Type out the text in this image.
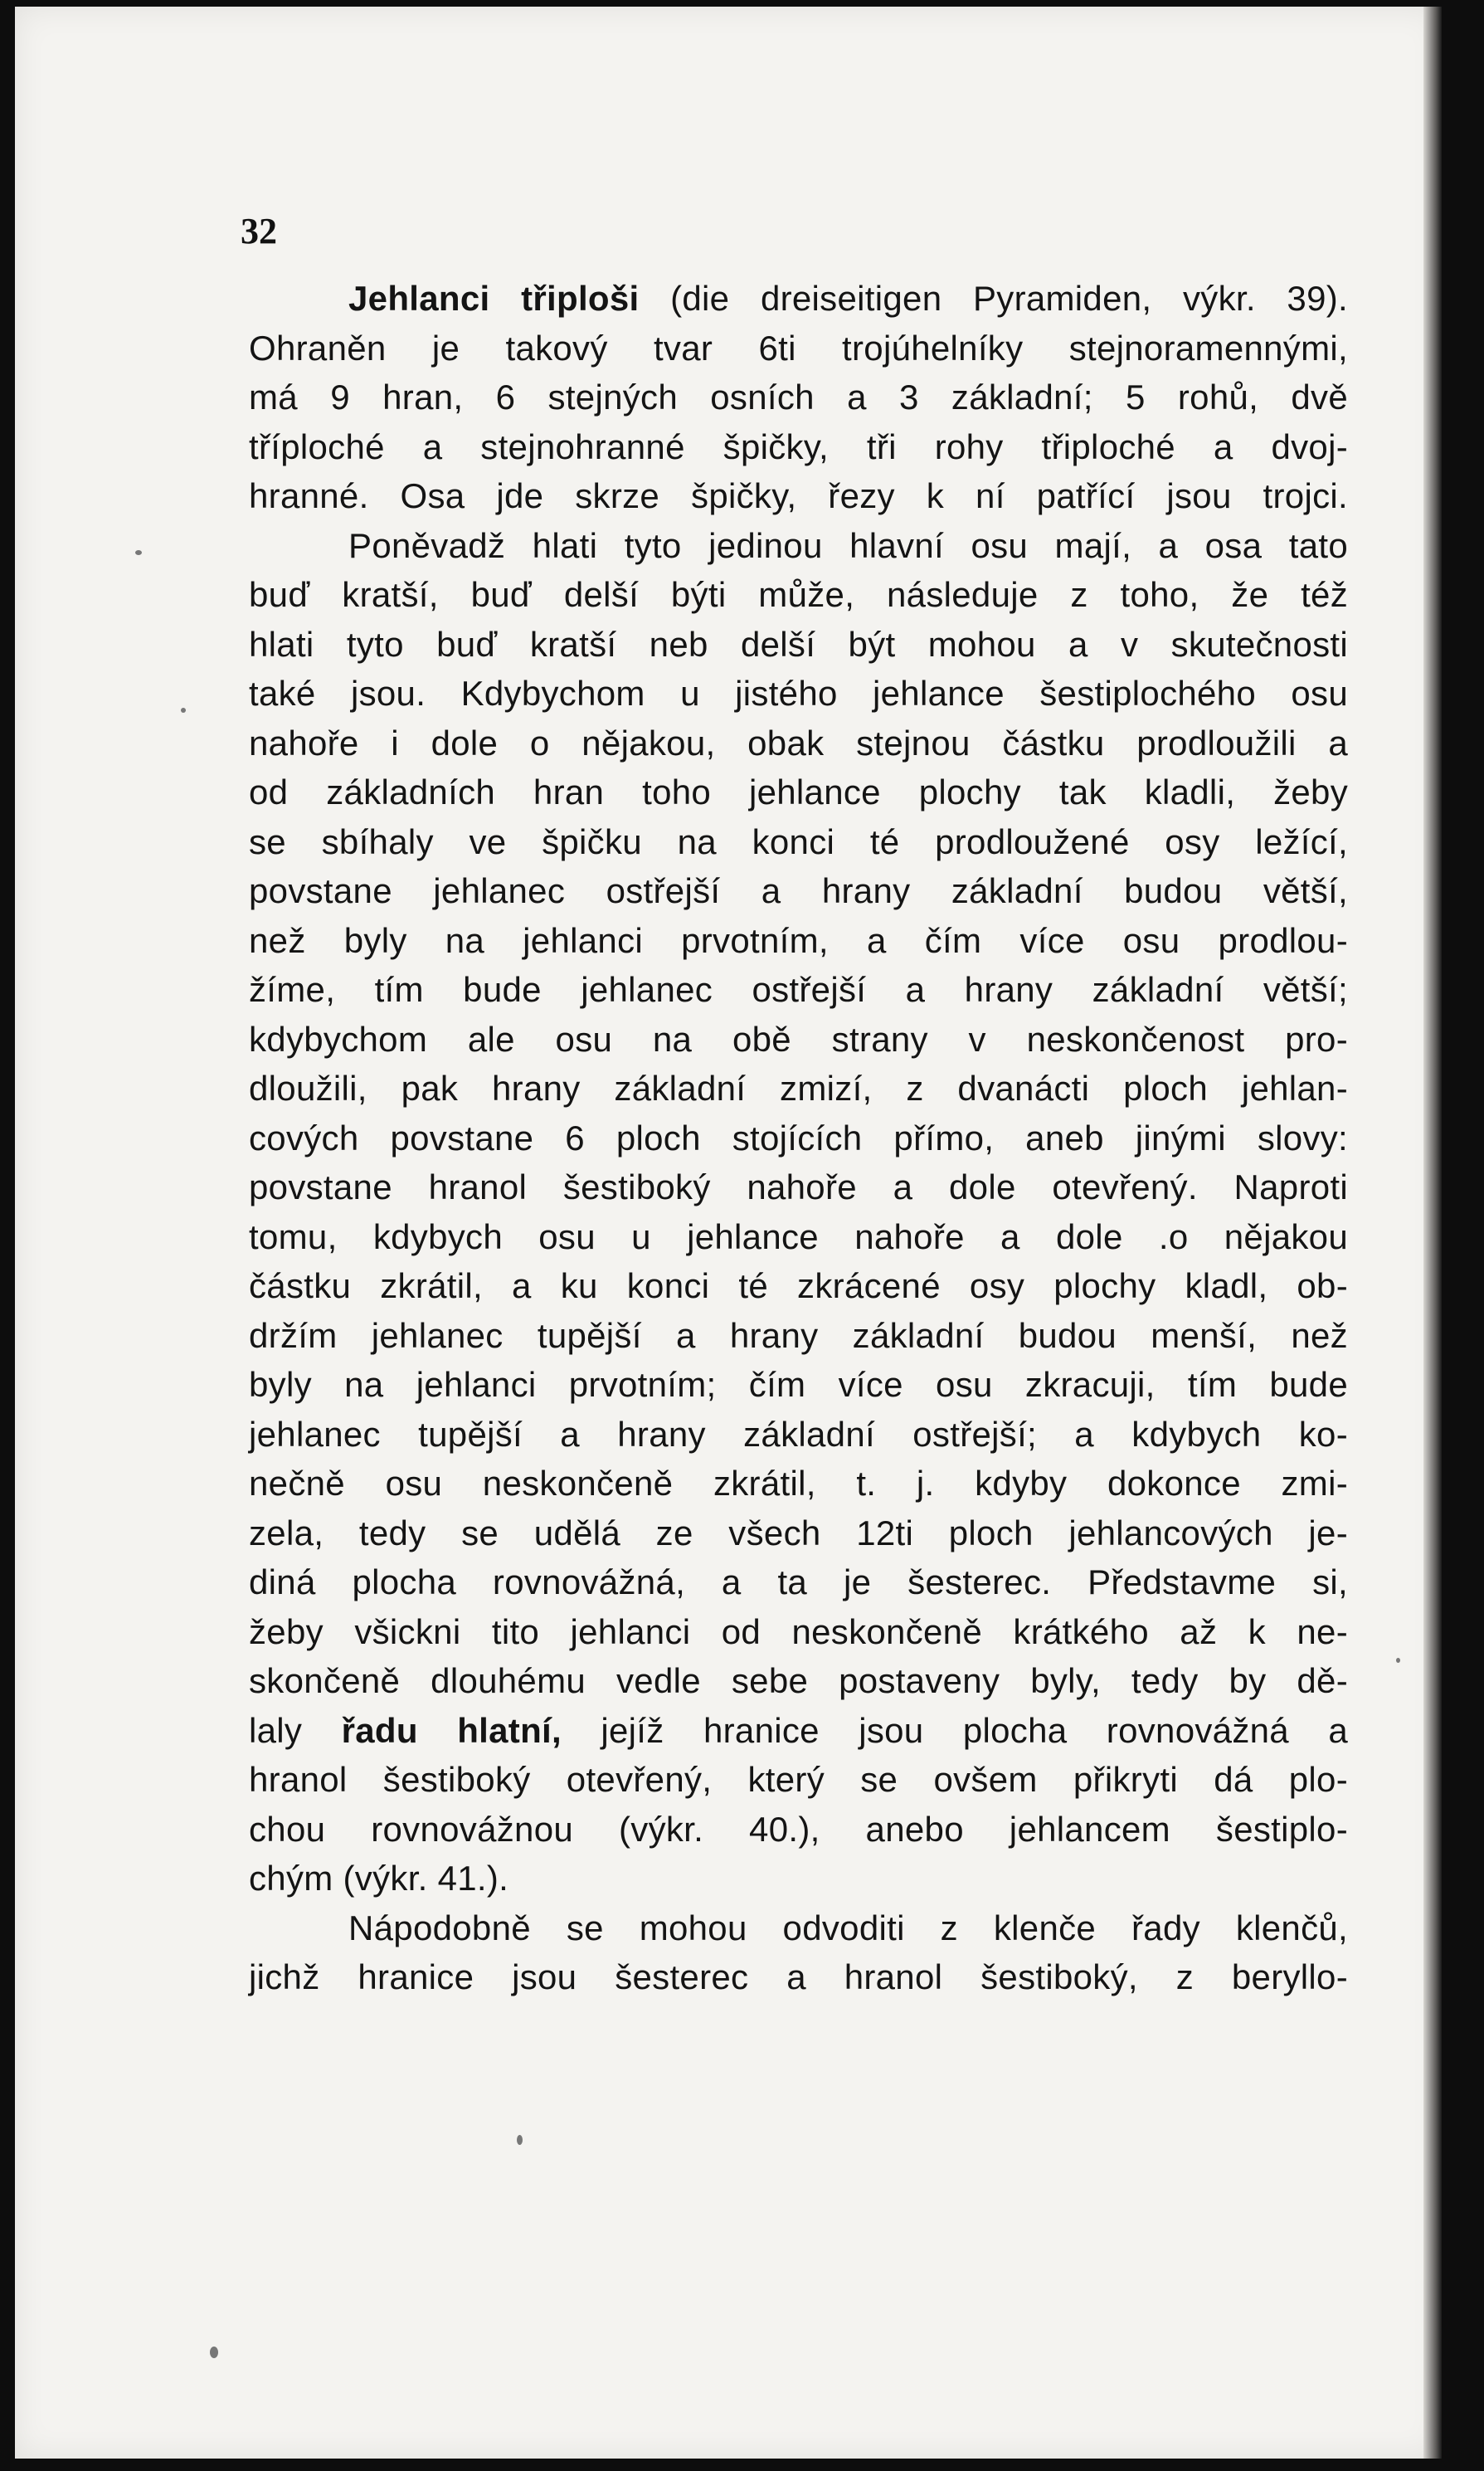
32
Jehlanci třiploši (die dreiseitigen Pyramiden, výkr. 39).
Ohraněn je takový tvar 6ti trojúhelníky stejnoramennými,
má 9 hran, 6 stejných osních a 3 základní; 5 rohů, dvě
tříploché a stejnohranné špičky, tři rohy třiploché a dvoj-
hranné. Osa jde skrze špičky, řezy k ní patřící jsou trojci.
Poněvadž hlati tyto jedinou hlavní osu mají, a osa tato
buď kratší, buď delší býti může, následuje z toho, že též
hlati tyto buď kratší neb delší být mohou a v skutečnosti
také jsou. Kdybychom u jistého jehlance šestiplochého osu
nahoře i dole o nějakou, obak stejnou částku prodloužili a
od základních hran toho jehlance plochy tak kladli, žeby
se sbíhaly ve špičku na konci té prodloužené osy ležící,
povstane jehlanec ostřejší a hrany základní budou větší,
než byly na jehlanci prvotním, a čím více osu prodlou-
žíme, tím bude jehlanec ostřejší a hrany základní větší;
kdybychom ale osu na obě strany v neskončenost pro-
dloužili, pak hrany základní zmizí, z dvanácti ploch jehlan-
cových povstane 6 ploch stojících přímo, aneb jinými slovy:
povstane hranol šestiboký nahoře a dole otevřený. Naproti
tomu, kdybych osu u jehlance nahoře a dole .o nějakou
částku zkrátil, a ku konci té zkrácené osy plochy kladl, ob-
držím jehlanec tupější a hrany základní budou menší, než
byly na jehlanci prvotním; čím více osu zkracuji, tím bude
jehlanec tupější a hrany základní ostřejší; a kdybych ko-
nečně osu neskončeně zkrátil, t. j. kdyby dokonce zmi-
zela, tedy se udělá ze všech 12ti ploch jehlancových je-
diná plocha rovnovážná, a ta je šesterec. Představme si,
žeby všickni tito jehlanci od neskončeně krátkého až k ne-
skončeně dlouhému vedle sebe postaveny byly, tedy by dě-
laly řadu hlatní, jejíž hranice jsou plocha rovnovážná a
hranol šestiboký otevřený, který se ovšem přikryti dá plo-
chou rovnovážnou (výkr. 40.), anebo jehlancem šestiplo-
chým (výkr. 41.).
Nápodobně se mohou odvoditi z klenče řady klenčů,
jichž hranice jsou šesterec a hranol šestiboký, z beryllo-
